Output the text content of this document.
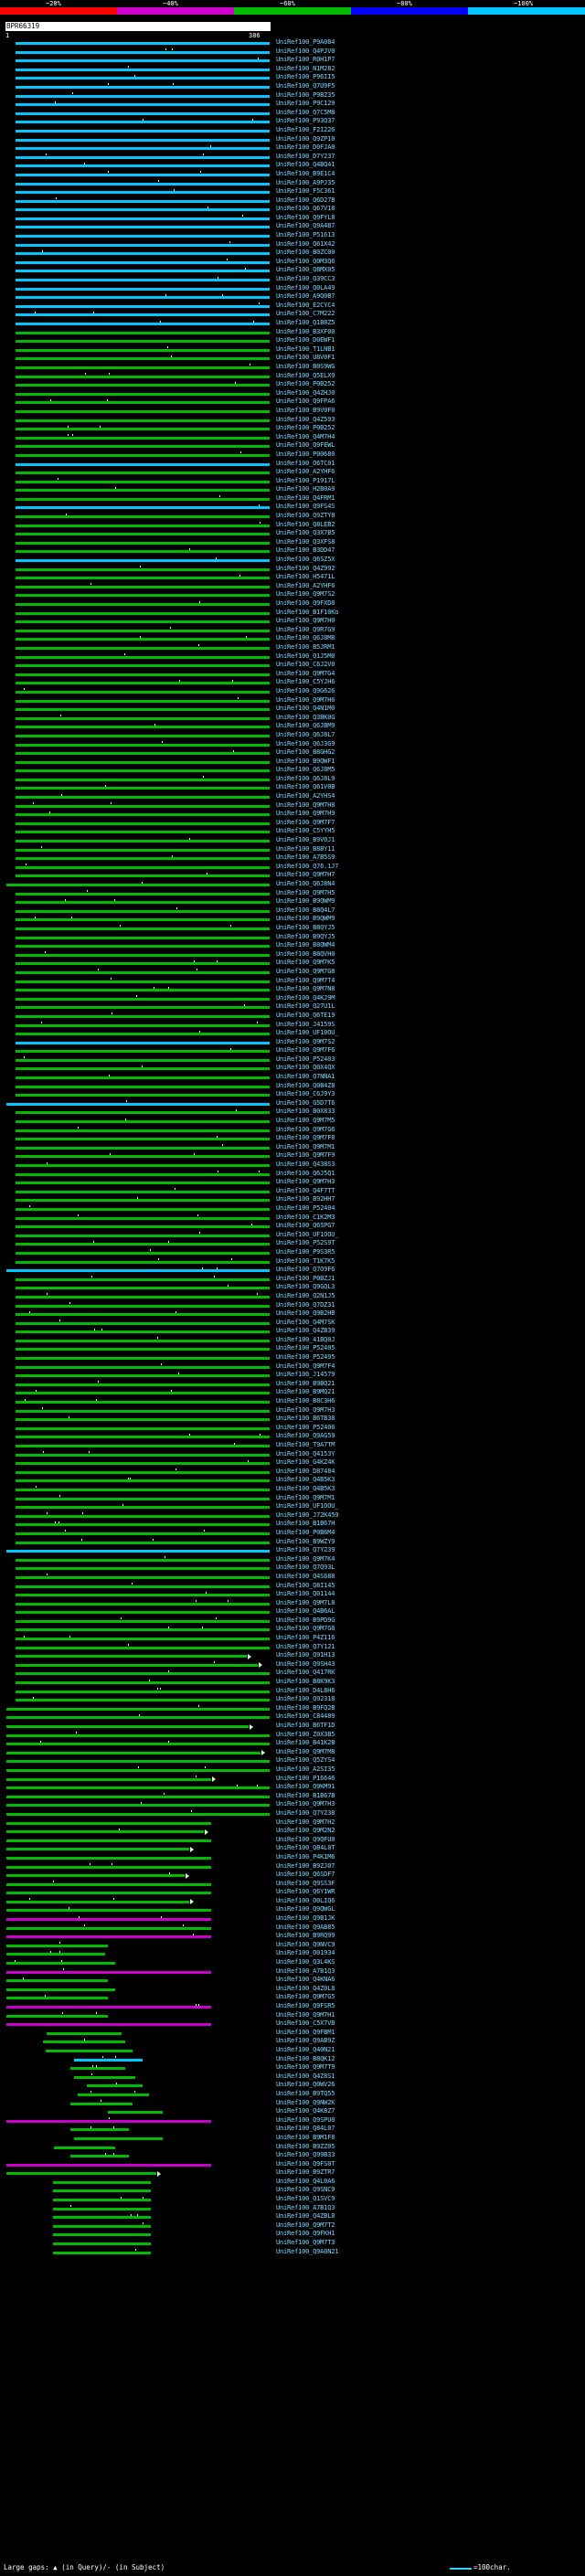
~20%	~40%	~60%	~80%	~100%
BPR66319
1	386
UniRef100_P9A084
UniRef100_Q4PJV0
UniRef100_R0H1P7
UniRef100_N1M282
UniRef100_P96II5
UniRef100_Q7U9F5
UniRef100_P9BZ35
UniRef100_P9C129
UniRef100_Q7C5M8
UniRef100_P93Q37
UniRef100_F2I226
UniRef100_Q9ZP10
UniRef100_D0FJA0
UniRef100_D7Y237
UniRef100_Q4BQ41
UniRef100_B9E1C4
UniRef100_A9PJ35
UniRef100_F5C361
UniRef100_Q6D27B
UniRef100_Q67V18
UniRef100_Q9FYL8
UniRef100_Q9A4B7
UniRef100_P51613
UniRef100_Q61X42
UniRef100_B0ZC00
UniRef100_Q0M3Q6
UniRef100_Q8MX05
UniRef100_Q39CC3
UniRef100_Q0LA49
UniRef100_A9Q0B7
UniRef100_E2CYC4
UniRef100_C7M222
UniRef100_Q1B8Z5
UniRef100_B3XF00
UniRef100_D0EWF1
UniRef100_T1LNB1
UniRef100_U8V0F1
UniRef100_B0S9WG
UniRef100_Q5ELX9
UniRef100_P0B252
UniRef100_Q4ZHJ0
UniRef100_Q9FPA6
UniRef100_B9V0F0
UniRef100_Q4Z593
UniRef100_P0B252
UniRef100_Q4M7H4
UniRef100_Q9FEWL
UniRef100_P00680
UniRef100_O6TC01
UniRef100_A2YHF6
UniRef100_P1917L
UniRef100_H2B0A9
UniRef100_Q4FRM1
UniRef100_Q9FS4S
UniRef100_Q9ZTY8
UniRef100_Q8LEB2
UniRef100_Q3X7B5
UniRef100_Q3XFS8
UniRef100_B3DD47
UniRef100_Q6SZ5X
UniRef100_Q4Z992
UniRef100_H5471L
UniRef100_A2YHF6
UniRef100_Q9M7S2
UniRef100_Q9FXD8
UniRef100_B1F10Ko
UniRef100_Q9M7H0
UniRef100_Q9R7G9
UniRef100_Q6J8M8
UniRef100_B5JRM1
UniRef100_Q1J5M0
UniRef100_C6J2V0
UniRef100_Q9M7G4
UniRef100_C5YJH6
UniRef100_Q9G626
UniRef100_Q9M7H6
UniRef100_Q4N1M0
UniRef100_Q3BK0G
UniRef100_Q6JBM9
UniRef100_Q6J8L7
UniRef100_Q6J3G9
UniRef100_B8GHG2
UniRef100_B9QWF1
UniRef100_Q6J8M5
UniRef100_Q6J8L9
UniRef100_Q61V0B
UniRef100_A2YHS4
UniRef100_Q9M7H8
UniRef100_Q9M7H9
UniRef100_Q9M7F7
UniRef100_C5YYH5
UniRef100_B9V0J1
UniRef100_B8BY11
UniRef100_A7B5S9
UniRef100_Q76.1J7
UniRef100_Q9M7H7
UniRef100_Q6J8N4
UniRef100_Q9M7H5
UniRef100_B9QWM9
UniRef100_B8Q4L7
UniRef100_B9QWM9
UniRef100_B8QYJ5
UniRef100_B9QYJ5
UniRef100_B8QWM4
UniRef100_B8QVH0
UniRef100_Q9M7K5
UniRef100_Q9M7G8
UniRef100_Q9M7T4
UniRef100_Q9M7N8
UniRef100_Q4KJ9M
UniRef100_Q27U1L
UniRef100_Q6TE19
UniRef100_J4159S
UniRef100_UF10OU_
UniRef100_Q9M7S2
UniRef100_Q9M7F6
UniRef100_P52403
UniRef100_Q0X4QX
UniRef100_Q7NNA1
UniRef100_Q0B4Z8
UniRef100_C6J9Y3
UniRef100_G5D7T6
UniRef100_B0X833
UniRef100_Q9M7M5
UniRef100_Q9M7G6
UniRef100_Q9M7F8
UniRef100_Q9M7M1
UniRef100_Q9M7F9
UniRef100_Q438S3
UniRef100_Q6J5Q1
UniRef100_Q9M7H3
UniRef100_Q4F7TT
UniRef100_B92HH7
UniRef100_P52404
UniRef100_C1K2M3
UniRef100_Q6SPG7
UniRef100_UF1OOU_
UniRef100_P52S9T
UniRef100_P9S3R5
UniRef100_T1K7K5
UniRef100_Q7O9F6
UniRef100_P0BZJ1
UniRef100_Q9GQL3
UniRef100_Q2N1J5
UniRef100_Q7DZ31
UniRef100_Q9B2HB
UniRef100_Q4M7SK
UniRef100_Q4ZB39
UniRef100_41BQ0J
UniRef100_P52405
UniRef100_P52495
UniRef100_Q9M7F4
UniRef100_J14579
UniRef100_B9BQ21
UniRef100_B9MQ21
UniRef100_B8C3H6
UniRef100_Q9M7H3
UniRef100_B6TB38
UniRef100_P52406
UniRef100_Q9AG59
UniRef100_T9A7TM
UniRef100_Q4153Y
UniRef100_G4KZ4K
UniRef100_D87484
UniRef100_Q4B5K3
UniRef100_Q4B5K3
UniRef100_Q9M7M1
UniRef100_UF1OOU_
UniRef100_J72K459
UniRef100_B1B67H
UniRef100_P0B6M4
UniRef100_B9WZY9
UniRef100_Q7Y239
UniRef100_Q9M7K4
UniRef100_Q7Q93L
UniRef100_Q4S688
UniRef100_Q8I145
UniRef100_Q01144
UniRef100_Q9M7L8
UniRef100_Q4B6AL
UniRef100_B9PD9G
UniRef100_Q9M7G8
UniRef100_P4Z116
UniRef100_Q7Y121
UniRef100_Q91H13
UniRef100_Q9SH43
UniRef100_Q417RK
UniRef100_B8K9K3
UniRef100_D4L8H6
UniRef100_Q92318
UniRef100_B9FQ2B
UniRef100_C84489
UniRef100_B6TF1D
UniRef100_Z0X3B5
UniRef100_B41K2B
UniRef100_Q9M7M8
UniRef100_Q5ZYS4
UniRef100_A2SI35
UniRef100_P16646
UniRef100_Q9KM91
UniRef100_B1B67B
UniRef100_Q9M7H3
UniRef100_Q7Y238
UniRef100_Q9M7H2
UniRef100_Q9M2N2
UniRef100_Q9QFU0
UniRef100_Q84L0T
UniRef100_P4K1M6
UniRef100_B9ZJ07
UniRef100_Q6SDF7
UniRef100_Q9SS3F
UniRef100_Q6Y1WR
UniRef100_O0LIQ6
UniRef100_Q9QWGL
UniRef100_Q9B1JK
UniRef100_Q9AB85
UniRef100_B9RQ99
UniRef100_Q9NVC9
UniRef100_O01934
UniRef100_Q3L4KS
UniRef100_A7B1Q3
UniRef100_Q4KNA6
UniRef100_Q4Z0L8
UniRef100_Q9M7G5
UniRef100_Q9FSR5
UniRef100_Q9M7H1
UniRef100_C5X7VB
UniRef100_Q9FBM1
UniRef100_Q9AB9Z
UniRef100_Q40N21
UniRef100_B8QK12
UniRef100_Q9M7T9
UniRef100_Q4Z8S1
UniRef100_Q0WV26
UniRef100_B9TQ55
UniRef100_Q9NW2K
UniRef100_Q4K8Z7
UniRef100_Q9SPU0
UniRef100_Q84L07
UniRef100_B9M1F8
UniRef100_B9ZZ05
UniRef100_Q99B33
UniRef100_Q9FS0T
UniRef100_B9ZTR7
UniRef100_Q4L0A6
UniRef100_Q9SNC9
UniRef100_Q1SVC9
UniRef100_A7B1Q3
UniRef100_Q4ZBL8
UniRef100_Q9M7T2
UniRef100_Q9FKH1
UniRef100_Q9M7T3
UniRef100_Q9A0N21
Large gaps: ▲ (in Query)/- (in Subject)	=100char.
